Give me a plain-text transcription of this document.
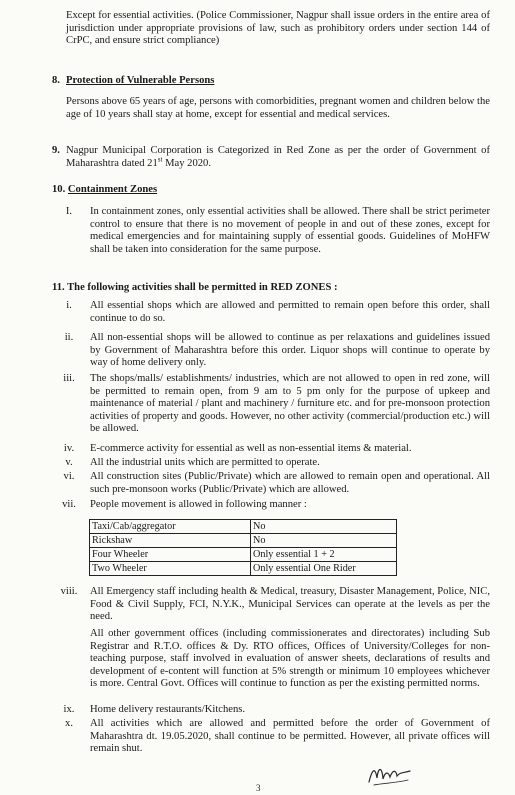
Except for essential activities. (Police Commissioner, Nagpur shall issue orders in the entire area of jurisdiction under appropriate provisions of law, such as prohibitory orders under section 144 of CrPC, and ensure strict compliance)

8. Protection of Vulnerable Persons

Persons above 65 years of age, persons with comorbidities, pregnant women and children below the age of 10 years shall stay at home, except for essential and medical services.

9. Nagpur Municipal Corporation is Categorized in Red Zone as per the order of Government of Maharashtra dated 21st May 2020.

10. Containment Zones
I.	In containment zones, only essential activities shall be allowed. There shall be strict perimeter control to ensure that there is no movement of people in and out of these zones, except for medical emergencies and for maintaining supply of essential goods. Guidelines of MoHFW shall be taken into consideration for the same purpose.

11. The following activities shall be permitted in RED ZONES :
i.	All essential shops which are allowed and permitted to remain open before this order, shall continue to do so.

ii.	All non-essential shops will be allowed to continue as per relaxations and guidelines issued by Government of Maharashtra before this order. Liquor shops will continue to operate by way of home delivery only.

iii.	The shops/malls/ establishments/ industries, which are not allowed to open in red zone, will be permitted to remain open, from 9 am to 5 pm only for the purpose of upkeep and maintenance of material / plant and machinery / furniture etc. and for pre-monsoon protection activities of property and goods. However, no other activity (commercial/production etc.) will be allowed.

iv.	E-commerce activity for essential as well as non-essential items & material.

v.	All the industrial units which are permitted to operate.

vi.	All construction sites (Public/Private) which are allowed to remain open and operational. All such pre-monsoon works (Public/Private) which are allowed.

vii.	People movement is allowed in following manner :

Taxi/Cab/aggregator	No
Rickshaw	No
Four Wheeler	Only essential 1 + 2
Two Wheeler	Only essential One Rider
viii. All Emergency staff including health & Medical, treasury, Disaster Management, Police, NIC, Food & Civil Supply, FCI, N.Y.K., Municipal Services can operate at the levels as per the need.

All other government offices (including commissionerates and directorates) including Sub Registrar and R.T.O. offices & Dy. RTO offices, Offices of University/Colleges for non-teaching purpose, staff involved in evaluation of answer sheets, declarations of results and development of e-content will function at 5% strength or minimum 10 employees whichever is more. Central Govt. Offices will continue to function as per the existing permitted norms.

ix.	Home delivery restaurants/Kitchens.

x.	All activities which are allowed and permitted before the order of Government of Maharashtra dt. 19.05.2020, shall continue to be permitted. However, all private offices will remain shut.

3
